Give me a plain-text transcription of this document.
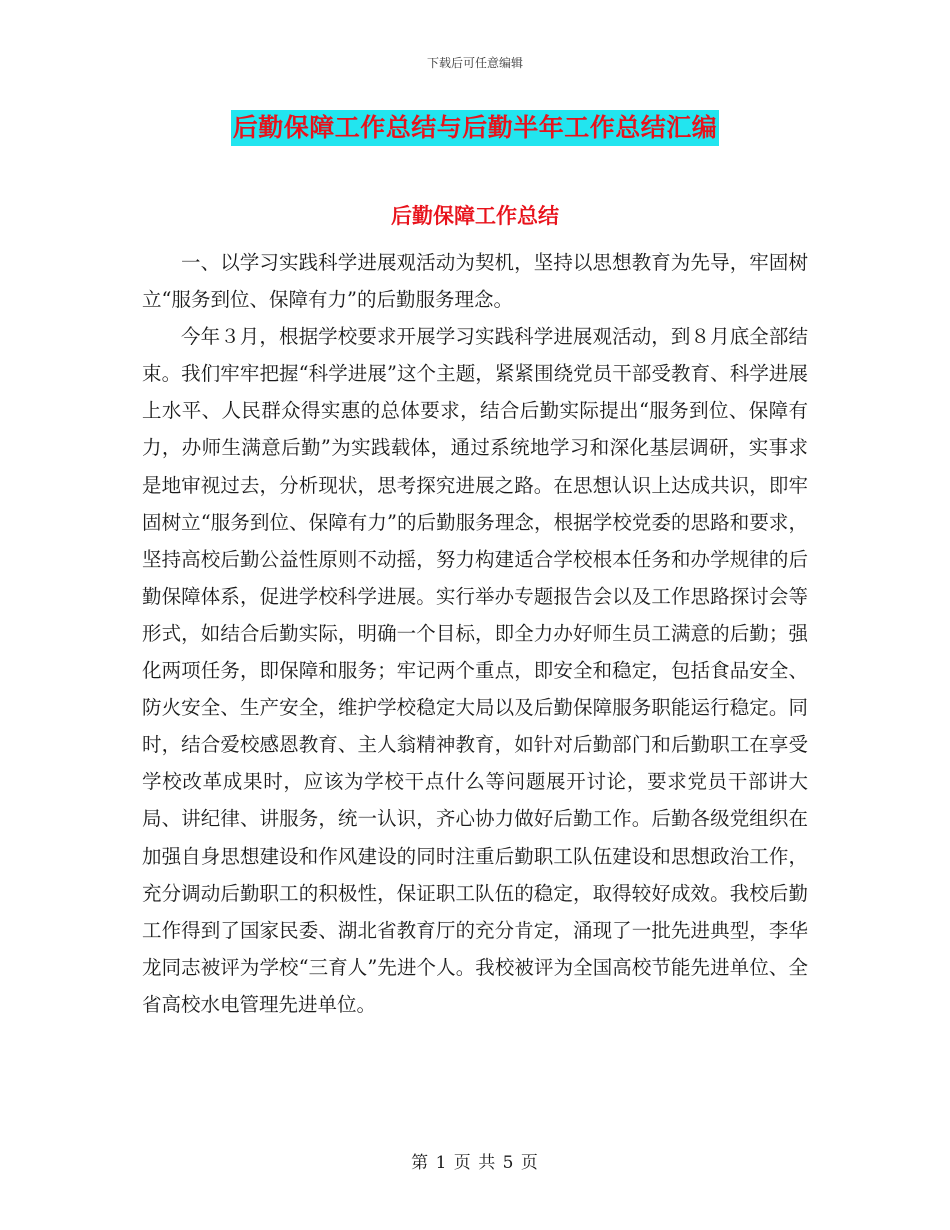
下载后可任意编辑
后勤保障工作总结与后勤半年工作总结汇编
后勤保障工作总结

一、以学习实践科学进展观活动为契机，坚持以思想教育为先导，牢固树立“服务到位、保障有力”的后勤服务理念。

今年３月，根据学校要求开展学习实践科学进展观活动，到８月底全部结束。我们牢牢把握“科学进展”这个主题，紧紧围绕党员干部受教育、科学进展上水平、人民群众得实惠的总体要求，结合后勤实际提出“服务到位、保障有力，办师生满意后勤”为实践载体，通过系统地学习和深化基层调研，实事求是地审视过去，分析现状，思考探究进展之路。在思想认识上达成共识，即牢固树立“服务到位、保障有力”的后勤服务理念，根据学校党委的思路和要求，坚持高校后勤公益性原则不动摇，努力构建适合学校根本任务和办学规律的后勤保障体系，促进学校科学进展。实行举办专题报告会以及工作思路探讨会等形式，如结合后勤实际，明确一个目标，即全力办好师生员工满意的后勤；强化两项任务，即保障和服务；牢记两个重点，即安全和稳定，包括食品安全、防火安全、生产安全，维护学校稳定大局以及后勤保障服务职能运行稳定。同时，结合爱校感恩教育、主人翁精神教育，如针对后勤部门和后勤职工在享受学校改革成果时，应该为学校干点什么等问题展开讨论，要求党员干部讲大局、讲纪律、讲服务，统一认识，齐心协力做好后勤工作。后勤各级党组织在加强自身思想建设和作风建设的同时注重后勤职工队伍建设和思想政治工作，充分调动后勤职工的积极性，保证职工队伍的稳定，取得较好成效。我校后勤工作得到了国家民委、湖北省教育厅的充分肯定，涌现了一批先进典型，李华龙同志被评为学校“三育人”先进个人。我校被评为全国高校节能先进单位、全省高校水电管理先进单位。

第 1 页 共 5 页
